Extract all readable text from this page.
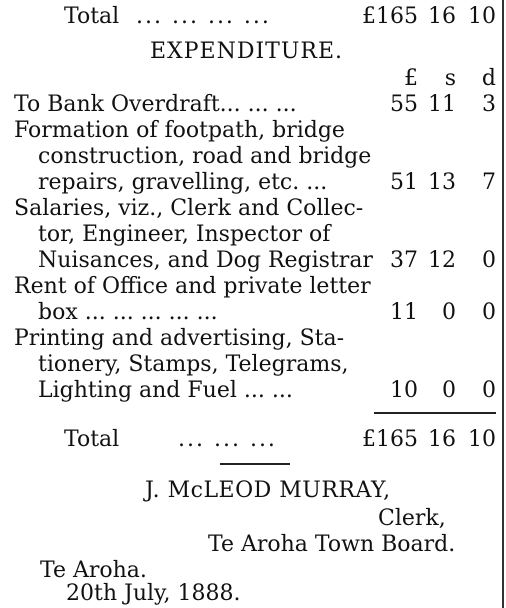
Total ... ... ... ...	£165 16 10
EXPENDITURE.
£	s	d
To Bank Overdraft... ... ...	55 11	3
Formation of footpath, bridge
construction, road and bridge
repairs, gravelling, etc. ...	51 13	7
Salaries, viz., Clerk and Collec-
tor, Engineer, Inspector of
Nuisances, and Dog Registrar 37 12	0
Rent of Office and private letter
box ... ... ... ... ...	11	0	0
Printing and advertising, Sta-
tionery, Stamps, Telegrams,
Lighting and Fuel ... ...	10	0	0
Total	... ... ...	£165 16 10
J. McLEOD MURRAY,
Clerk,
Te Aroha Town Board.
Te Aroha.
20th July, 1888.
